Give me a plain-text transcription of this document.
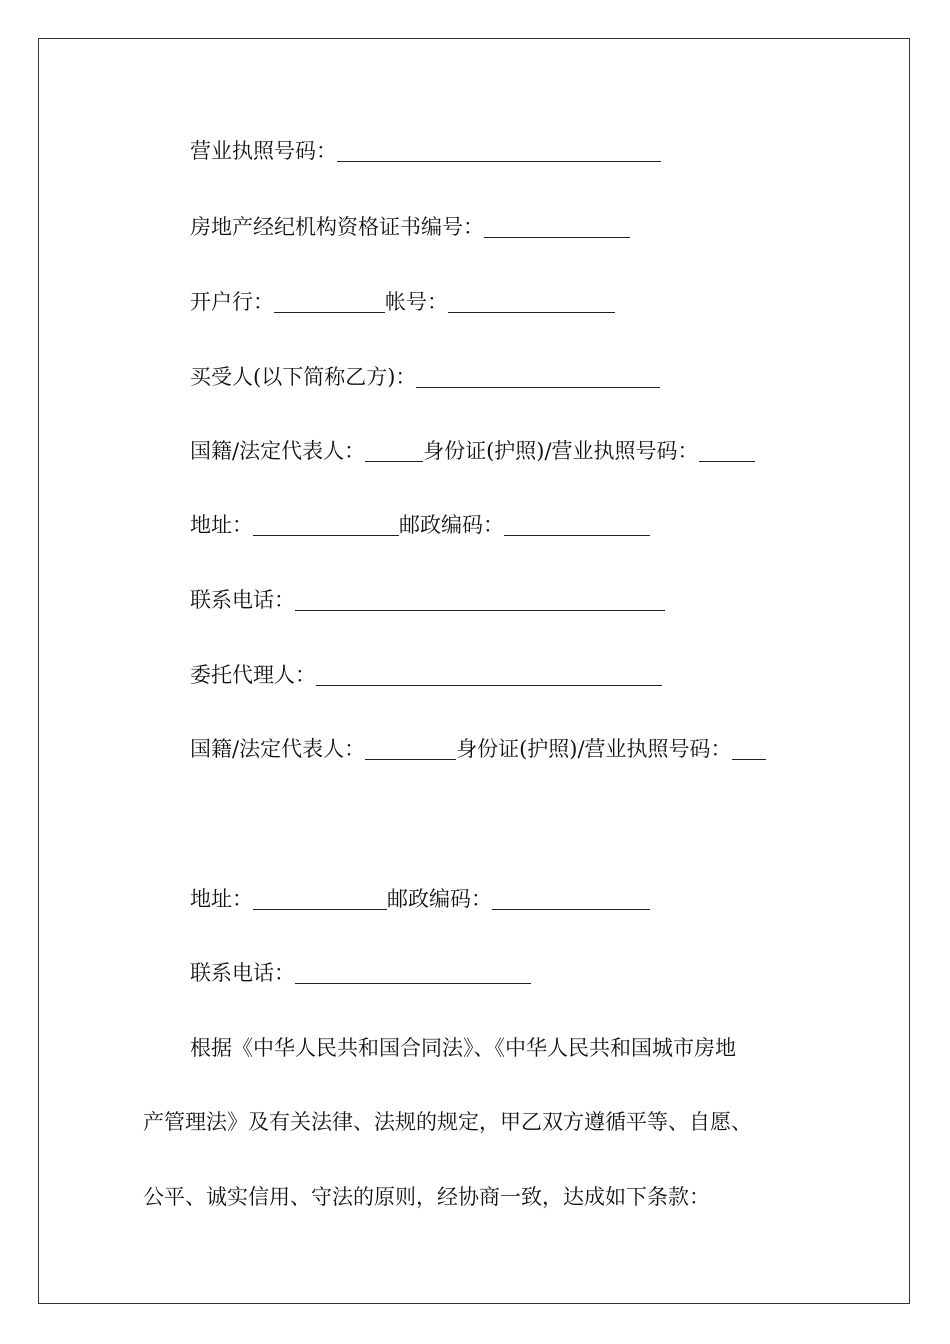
营业执照号码：
房地产经纪机构资格证书编号：
开户行：	帐号：
买受人(以下简称乙方)：
国籍/法定代表人：	身份证(护照)/营业执照号码：
地址：	邮政编码：
联系电话：
委托代理人：
国籍/法定代表人：	身份证(护照)/营业执照号码：
地址：	邮政编码：
联系电话：
根据《中华人民共和国合同法》、《中华人民共和国城市房地
产管理法》及有关法律、法规的规定，甲乙双方遵循平等、自愿、
公平、诚实信用、守法的原则，经协商一致，达成如下条款：
